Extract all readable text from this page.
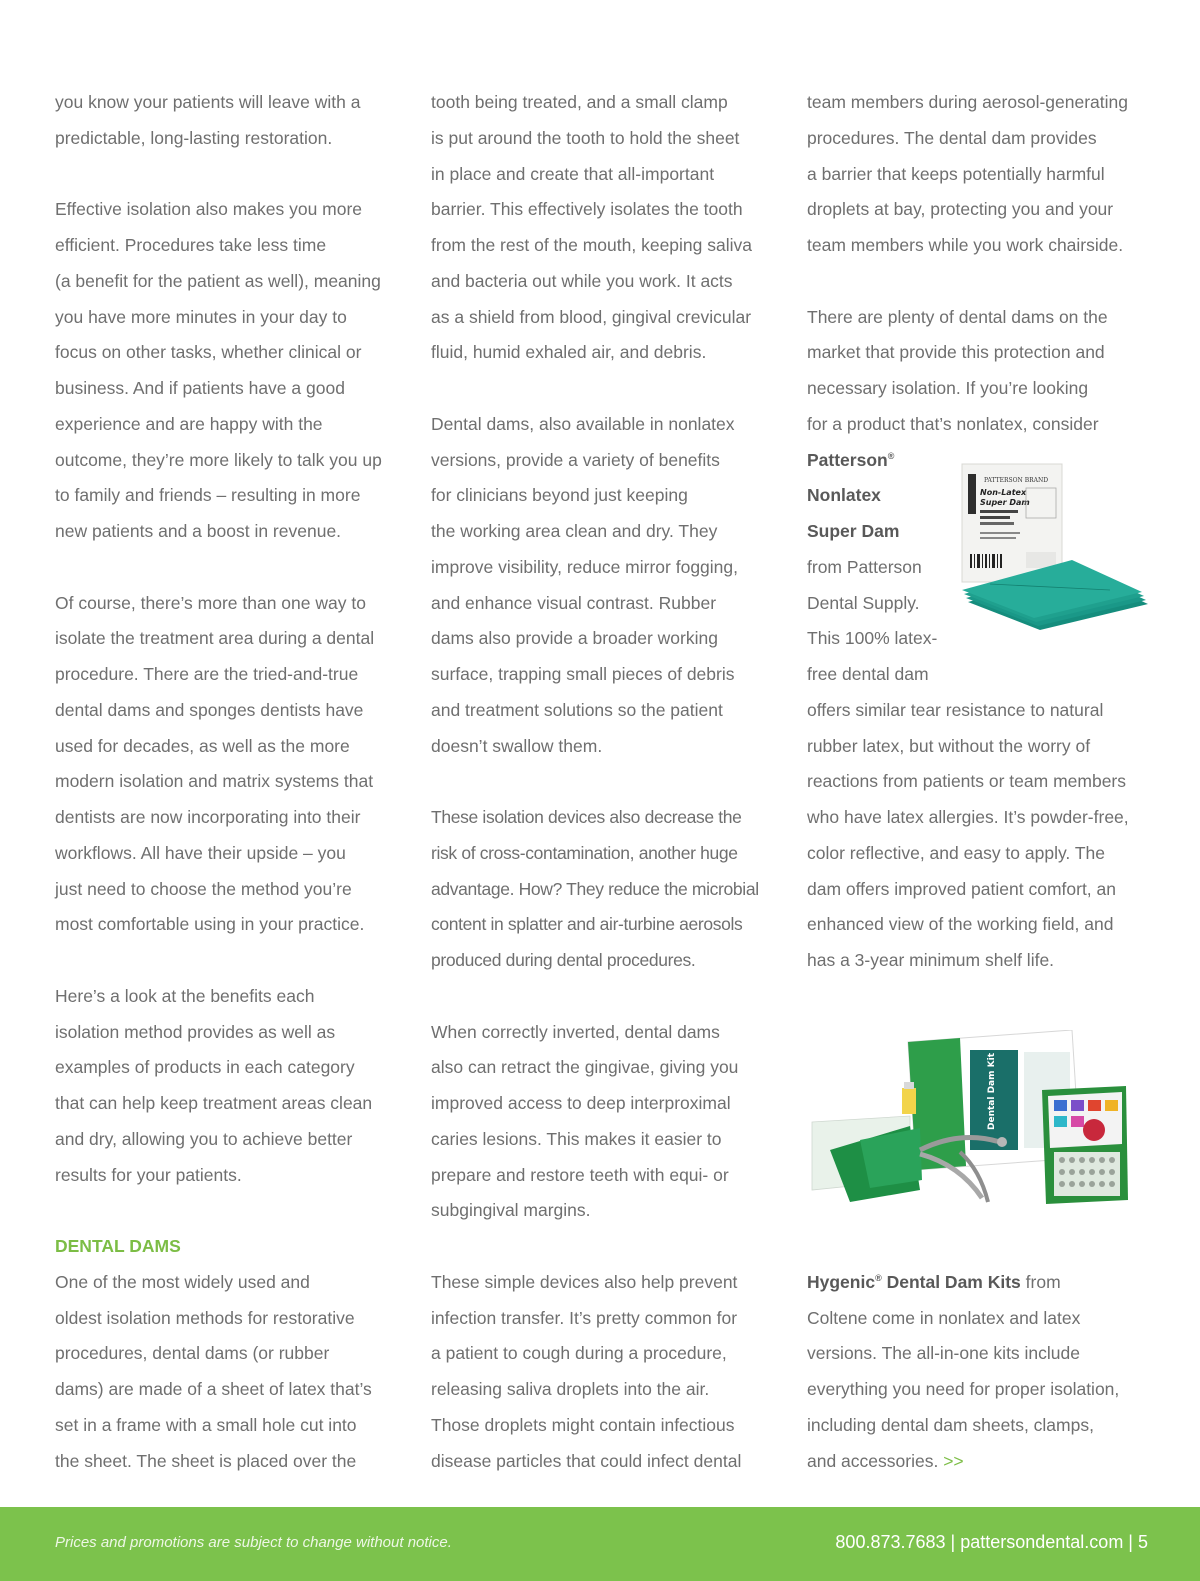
you know your patients will leave with a
predictable, long-lasting restoration.
Effective isolation also makes you more
efficient. Procedures take less time
(a benefit for the patient as well), meaning
you have more minutes in your day to
focus on other tasks, whether clinical or
business. And if patients have a good
experience and are happy with the
outcome, they’re more likely to talk you up
to family and friends – resulting in more
new patients and a boost in revenue.
Of course, there’s more than one way to
isolate the treatment area during a dental
procedure. There are the tried-and-true
dental dams and sponges dentists have
used for decades, as well as the more
modern isolation and matrix systems that
dentists are now incorporating into their
workflows. All have their upside – you
just need to choose the method you’re
most comfortable using in your practice.
Here’s a look at the benefits each
isolation method provides as well as
examples of products in each category
that can help keep treatment areas clean
and dry, allowing you to achieve better
results for your patients.
DENTAL DAMS
One of the most widely used and
oldest isolation methods for restorative
procedures, dental dams (or rubber
dams) are made of a sheet of latex that’s
set in a frame with a small hole cut into
the sheet. The sheet is placed over the
tooth being treated, and a small clamp
is put around the tooth to hold the sheet
in place and create that all-important
barrier. This effectively isolates the tooth
from the rest of the mouth, keeping saliva
and bacteria out while you work. It acts
as a shield from blood, gingival crevicular
fluid, humid exhaled air, and debris.
Dental dams, also available in nonlatex
versions, provide a variety of benefits
for clinicians beyond just keeping
the working area clean and dry. They
improve visibility, reduce mirror fogging,
and enhance visual contrast. Rubber
dams also provide a broader working
surface, trapping small pieces of debris
and treatment solutions so the patient
doesn’t swallow them.
These isolation devices also decrease the
risk of cross-contamination, another huge
advantage. How? They reduce the microbial
content in splatter and air-turbine aerosols
produced during dental procedures.
When correctly inverted, dental dams
also can retract the gingivae, giving you
improved access to deep interproximal
caries lesions. This makes it easier to
prepare and restore teeth with equi- or
subgingival margins.
These simple devices also help prevent
infection transfer. It’s pretty common for
a patient to cough during a procedure,
releasing saliva droplets into the air.
Those droplets might contain infectious
disease particles that could infect dental
team members during aerosol-generating
procedures. The dental dam provides
a barrier that keeps potentially harmful
droplets at bay, protecting you and your
team members while you work chairside.
There are plenty of dental dams on the
market that provide this protection and
necessary isolation. If you’re looking
for a product that’s nonlatex, consider
Patterson®
Nonlatex
Super Dam
from Patterson
Dental Supply.
This 100% latex-
free dental dam
offers similar tear resistance to natural
rubber latex, but without the worry of
reactions from patients or team members
who have latex allergies. It’s powder-free,
color reflective, and easy to apply. The
dam offers improved patient comfort, an
enhanced view of the working field, and
has a 3-year minimum shelf life.
Hygenic® Dental Dam Kits from
Coltene come in nonlatex and latex
versions. The all-in-one kits include
everything you need for proper isolation,
including dental dam sheets, clamps,
and accessories. >>
PATTERSON BRAND
Non-Latex
Super Dam
Dental Dam Kit
Prices and promotions are subject to change without notice.	800.873.7683 | pattersondental.com | 5
